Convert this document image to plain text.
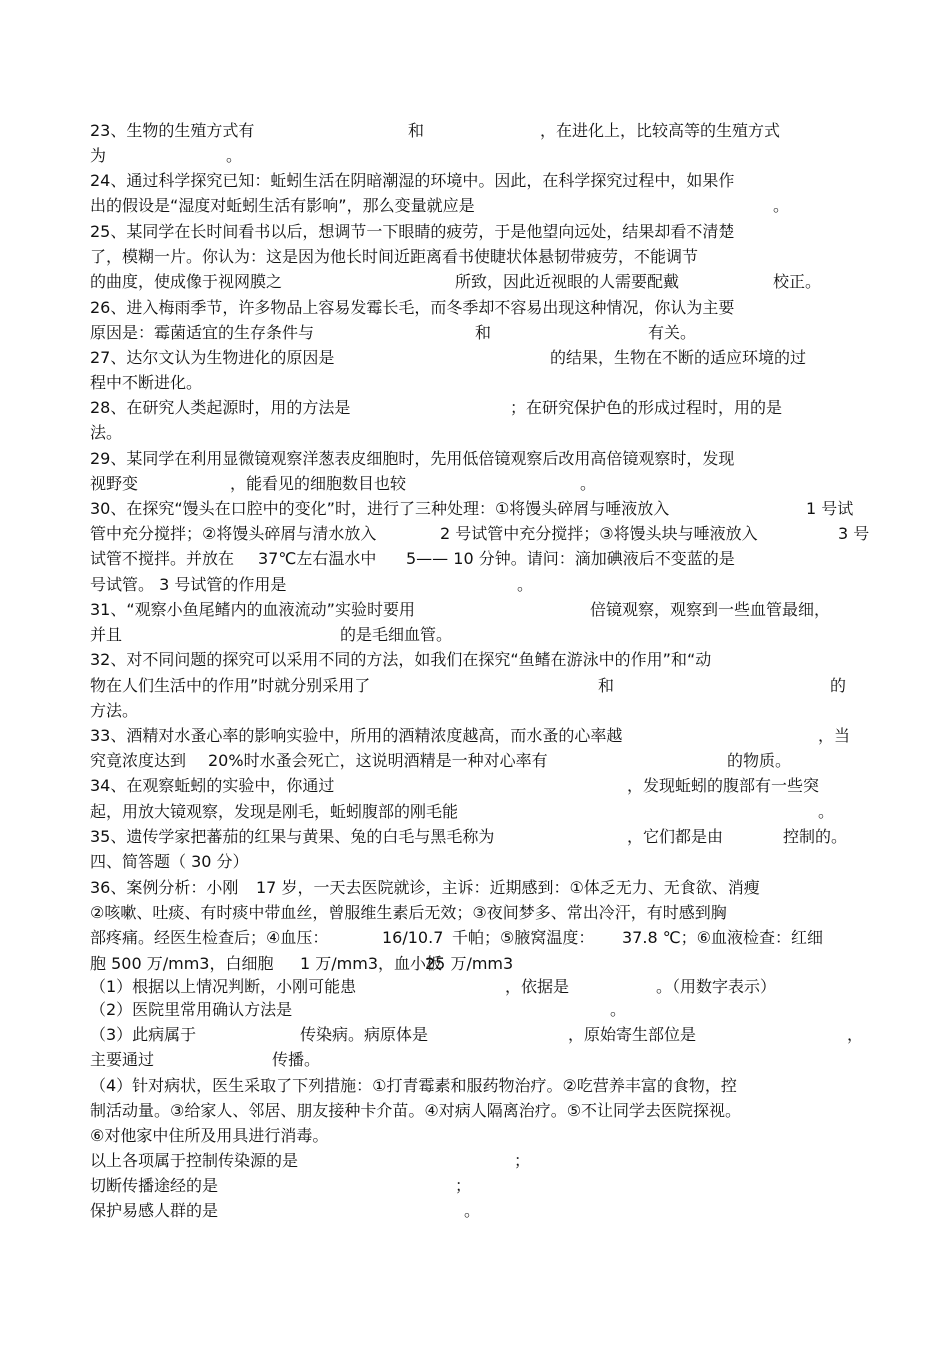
23、生物的生殖方式有	和	，在进化上，比较高等的生殖方式
为	。
24、通过科学探究已知：蚯蚓生活在阴暗潮湿的环境中。因此，在科学探究过程中，如果作
出的假设是“湿度对蚯蚓生活有影响”，那么变量就应是	。
25、某同学在长时间看书以后，想调节一下眼睛的疲劳，于是他望向远处，结果却看不清楚
了，模糊一片。你认为：这是因为他长时间近距离看书使睫状体悬韧带疲劳，不能调节
的曲度，使成像于视网膜之	所致，因此近视眼的人需要配戴	校正。
26、进入梅雨季节，许多物品上容易发霉长毛，而冬季却不容易出现这种情况，你认为主要
原因是：霉菌适宜的生存条件与	和	有关。
27、达尔文认为生物进化的原因是	的结果，生物在不断的适应环境的过
程中不断进化。
28、在研究人类起源时，用的方法是	；在研究保护色的形成过程时，用的是
法。
29、某同学在利用显微镜观察洋葱表皮细胞时，先用低倍镜观察后改用高倍镜观察时，发现
视野变	，能看见的细胞数目也较	。
30、在探究“馒头在口腔中的变化”时，进行了三种处理：①将馒头碎屑与唾液放入	1 号试
管中充分搅拌；②将馒头碎屑与清水放入	2 号试管中充分搅拌；③将馒头块与唾液放入	3 号
试管不搅拌。并放在 37℃左右温水中 5—— 10 分钟。请问：滴加碘液后不变蓝的是
号试管。 3 号试管的作用是	。
31、“观察小鱼尾鳍内的血液流动”实验时要用	倍镜观察，观察到一些血管最细，
并且	的是毛细血管。
32、对不同问题的探究可以采用不同的方法，如我们在探究“鱼鳍在游泳中的作用”和“动
物在人们生活中的作用”时就分别采用了	和	的
方法。
33、酒精对水蚤心率的影响实验中，所用的酒精浓度越高，而水蚤的心率越	，当
究竟浓度达到 20%时水蚤会死亡，这说明酒精是一种对心率有	的物质。
34、在观察蚯蚓的实验中，你通过	，发现蚯蚓的腹部有一些突
起，用放大镜观察，发现是刚毛，蚯蚓腹部的刚毛能	。
35、遗传学家把蕃茄的红果与黄果、兔的白毛与黑毛称为	，它们都是由	控制的。
四、简答题（ 30 分）
36、案例分析：小刚 17 岁，一天去医院就诊，主诉：近期感到：①体乏无力、无食欲、消瘦
②咳嗽、吐痰、有时痰中带血丝，曾服维生素后无效；③夜间梦多、常出冷汗，有时感到胸
部疼痛。经医生检查后；④血压：	16/10.7 千帕；⑤腋窝温度： 37.8 ℃；⑥血液检查：红细
胞 500 万/mm3，白细胞 1 万/mm3，血小板
25 万/mm3
（1）根据以上情况判断，小刚可能患	，依据是	。（用数字表示）
（2）医院里常用确认方法是	。
（3）此病属于	传染病。病原体是	，原始寄生部位是	，
主要通过	传播。
（4）针对病状，医生采取了下列措施：①打青霉素和服药物治疗。②吃营养丰富的食物，控
制活动量。③给家人、邻居、朋友接种卡介苗。④对病人隔离治疗。⑤不让同学去医院探视。
⑥对他家中住所及用具进行消毒。
以上各项属于控制传染源的是	；
切断传播途经的是	；
保护易感人群的是	。
